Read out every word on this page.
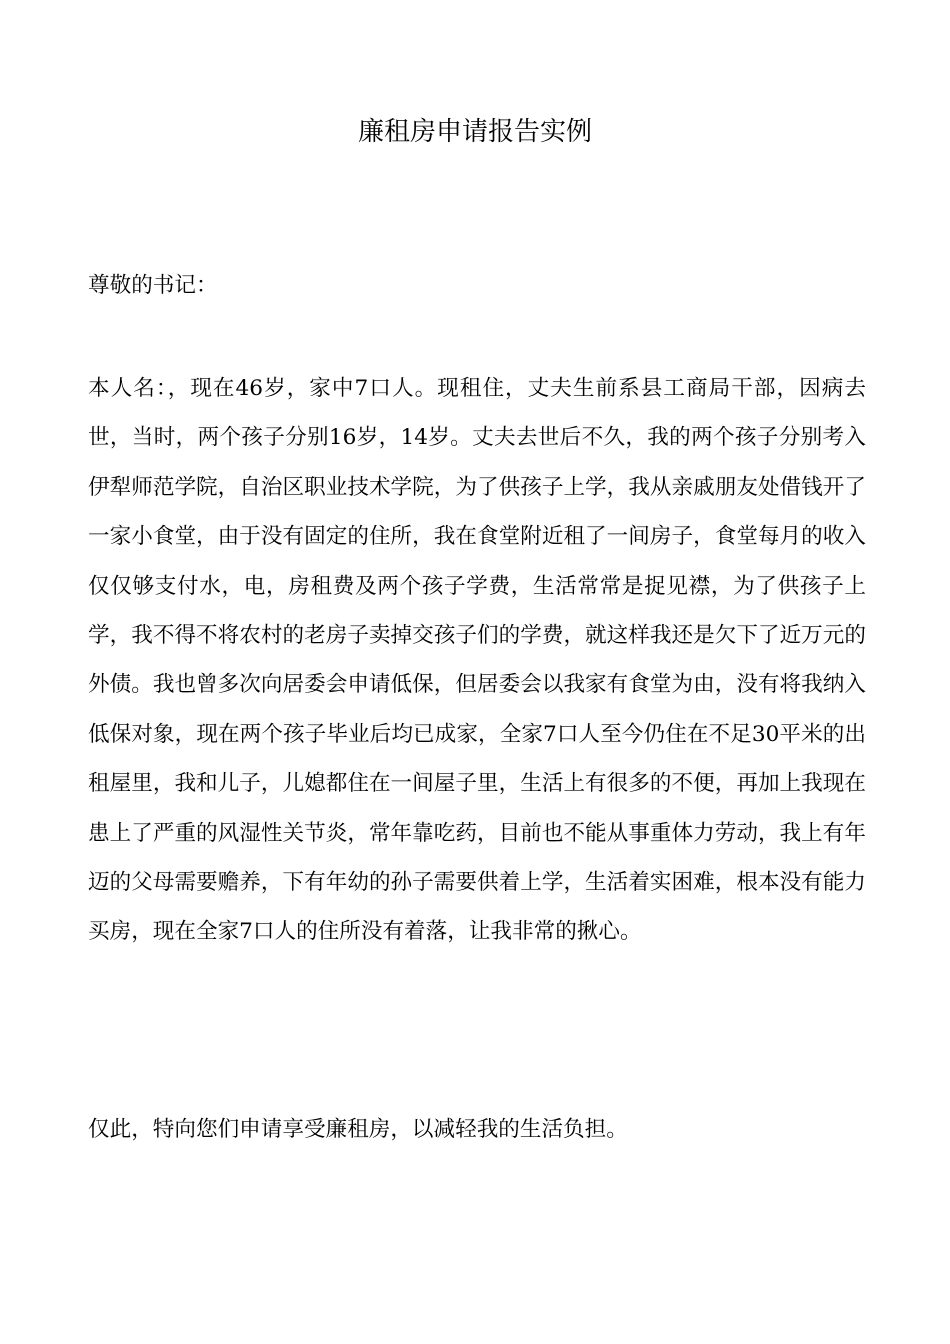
廉租房申请报告实例
尊敬的书记：

本人名：，现在46岁，家中7口人。现租住，丈夫生前系县工商局干部，因病去世，当时，两个孩子分别16岁，14岁。丈夫去世后不久，我的两个孩子分别考入伊犁师范学院，自治区职业技术学院，为了供孩子上学，我从亲戚朋友处借钱开了一家小食堂，由于没有固定的住所，我在食堂附近租了一间房子，食堂每月的收入仅仅够支付水，电，房租费及两个孩子学费，生活常常是捉见襟，为了供孩子上学，我不得不将农村的老房子卖掉交孩子们的学费，就这样我还是欠下了近万元的外债。我也曾多次向居委会申请低保，但居委会以我家有食堂为由，没有将我纳入低保对象，现在两个孩子毕业后均已成家，全家7口人至今仍住在不足30平米的出租屋里，我和儿子，儿媳都住在一间屋子里，生活上有很多的不便，再加上我现在患上了严重的风湿性关节炎，常年靠吃药，目前也不能从事重体力劳动，我上有年迈的父母需要赡养，下有年幼的孙子需要供着上学，生活着实困难，根本没有能力买房，现在全家7口人的住所没有着落，让我非常的揪心。

仅此，特向您们申请享受廉租房，以减轻我的生活负担。
